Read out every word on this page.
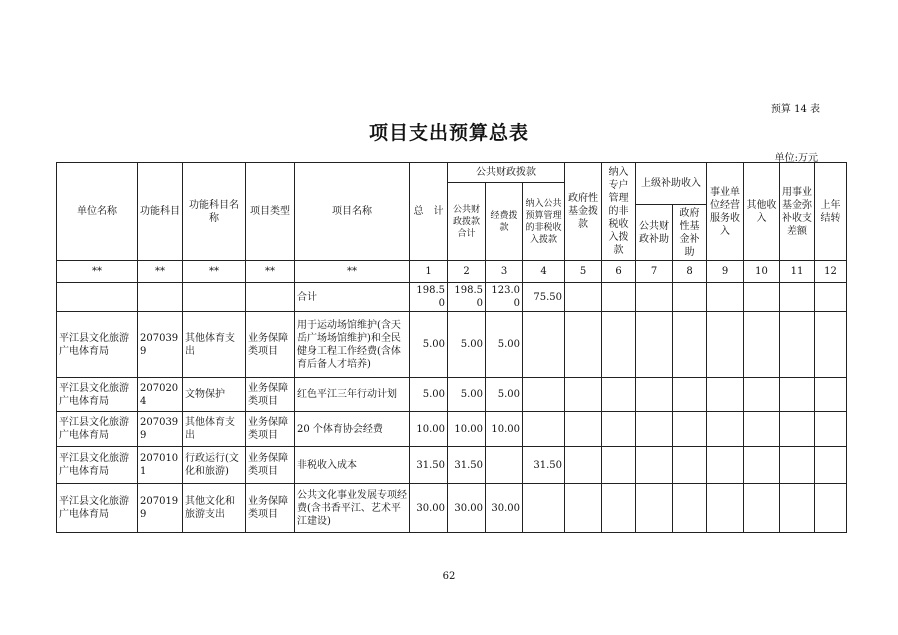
预算 14 表
项目支出预算总表
单位:万元
单位名称	功能科目	功能科目名称	项目类型	项目名称	总　计	公共财政拨款			政府性基金拨款	纳入专户管理的非税收入拨款	上级补助收入		事业单位经营服务收入	其他收入	用事业基金弥补收支差额	上年结转
						公共财政拨款合计	经费拨款	纳入公共预算管理的非税收入拨款								
											公共财政补助	政府性基金补助				
**	**	**	**	**	1	2	3	4	5	6	7	8	9	10	11	12
				合计	198.50	198.50	123.00	75.50								
平江县文化旅游广电体育局	2070399	其他体育支出	业务保障类项目	用于运动场馆维护(含天岳广场场馆维护)和全民健身工程工作经费(含体育后备人才培养)	5.00	5.00	5.00									
平江县文化旅游广电体育局	2070204	文物保护	业务保障类项目	红色平江三年行动计划	5.00	5.00	5.00									
平江县文化旅游广电体育局	2070399	其他体育支出	业务保障类项目	20 个体育协会经费	10.00	10.00	10.00									
平江县文化旅游广电体育局	2070101	行政运行(文化和旅游)	业务保障类项目	非税收入成本	31.50	31.50		31.50								
平江县文化旅游广电体育局	2070199	其他文化和旅游支出	业务保障类项目	公共文化事业发展专项经费(含书香平江、艺术平江建设)	30.00	30.00	30.00									
62
